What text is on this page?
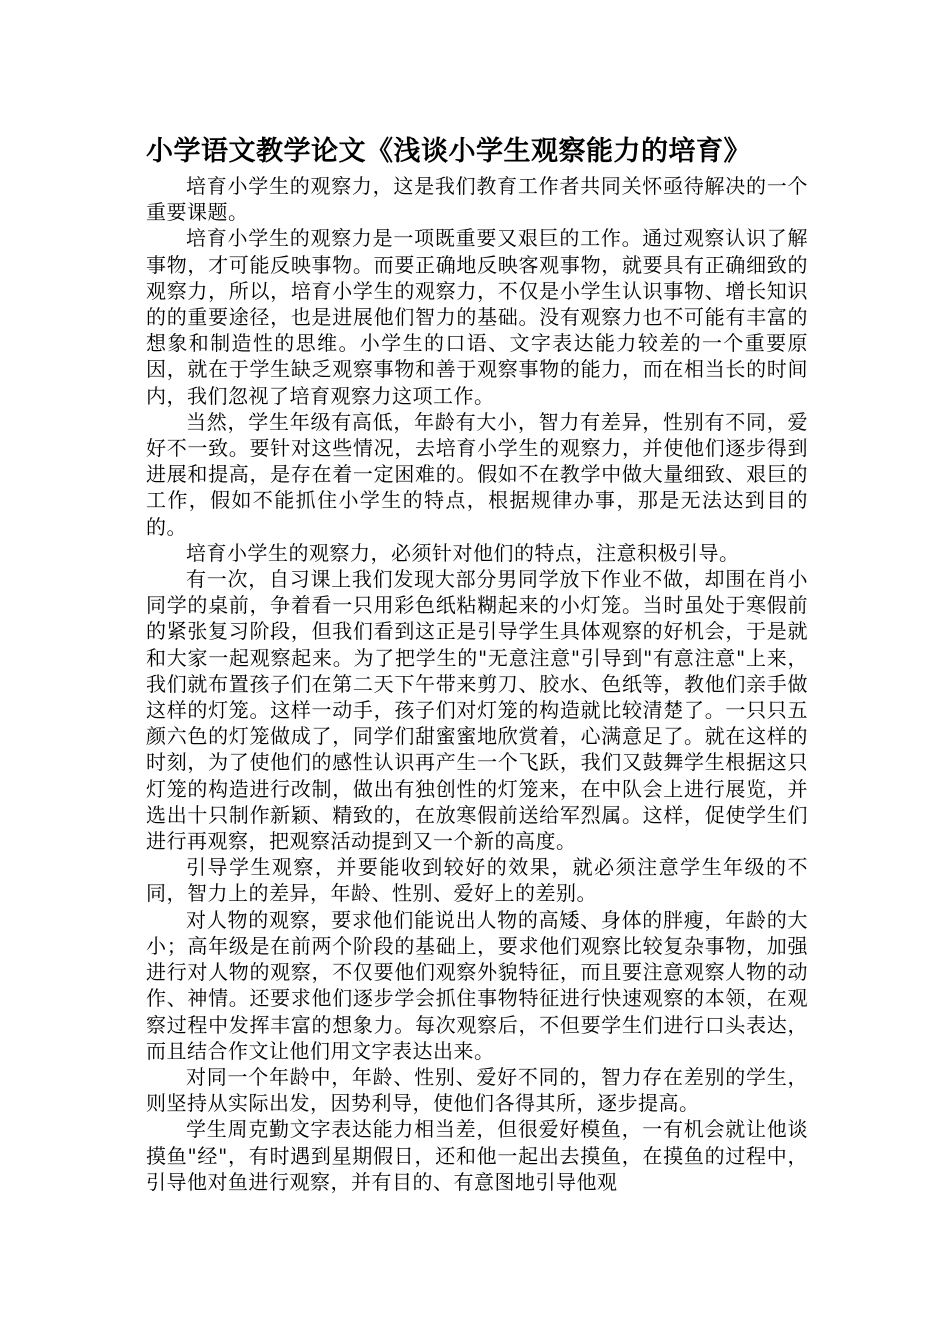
小学语文教学论文《浅谈小学生观察能力的培育》

培育小学生的观察力，这是我们教育工作者共同关怀亟待解决的一个重要课题。

培育小学生的观察力是一项既重要又艰巨的工作。通过观察认识了解事物，才可能反映事物。而要正确地反映客观事物，就要具有正确细致的观察力，所以，培育小学生的观察力，不仅是小学生认识事物、增长知识的的重要途径，也是进展他们智力的基础。没有观察力也不可能有丰富的想象和制造性的思维。小学生的口语、文字表达能力较差的一个重要原因，就在于学生缺乏观察事物和善于观察事物的能力，而在相当长的时间内，我们忽视了培育观察力这项工作。

当然，学生年级有高低，年龄有大小，智力有差异，性别有不同，爱好不一致。要针对这些情况，去培育小学生的观察力，并使他们逐步得到进展和提高，是存在着一定困难的。假如不在教学中做大量细致、艰巨的工作，假如不能抓住小学生的特点，根据规律办事，那是无法达到目的的。

培育小学生的观察力，必须针对他们的特点，注意积极引导。

有一次，自习课上我们发现大部分男同学放下作业不做，却围在肖小同学的桌前，争着看一只用彩色纸粘糊起来的小灯笼。当时虽处于寒假前的紧张复习阶段，但我们看到这正是引导学生具体观察的好机会，于是就和大家一起观察起来。为了把学生的"无意注意"引导到"有意注意"上来，我们就布置孩子们在第二天下午带来剪刀、胶水、色纸等，教他们亲手做这样的灯笼。这样一动手，孩子们对灯笼的构造就比较清楚了。一只只五颜六色的灯笼做成了，同学们甜蜜蜜地欣赏着，心满意足了。就在这样的时刻，为了使他们的感性认识再产生一个飞跃，我们又鼓舞学生根据这只灯笼的构造进行改制，做出有独创性的灯笼来，在中队会上进行展览，并选出十只制作新颖、精致的，在放寒假前送给军烈属。这样，促使学生们进行再观察，把观察活动提到又一个新的高度。

引导学生观察，并要能收到较好的效果，就必须注意学生年级的不同，智力上的差异，年龄、性别、爱好上的差别。

对人物的观察，要求他们能说出人物的高矮、身体的胖瘦，年龄的大小；高年级是在前两个阶段的基础上，要求他们观察比较复杂事物，加强进行对人物的观察，不仅要他们观察外貌特征，而且要注意观察人物的动作、神情。还要求他们逐步学会抓住事物特征进行快速观察的本领，在观察过程中发挥丰富的想象力。每次观察后，不但要学生们进行口头表达，而且结合作文让他们用文字表达出来。

对同一个年龄中，年龄、性别、爱好不同的，智力存在差别的学生，则坚持从实际出发，因势利导，使他们各得其所，逐步提高。

学生周克勤文字表达能力相当差，但很爱好模鱼，一有机会就让他谈摸鱼"经"，有时遇到星期假日，还和他一起出去摸鱼，在摸鱼的过程中，引导他对鱼进行观察，并有目的、有意图地引导他观
